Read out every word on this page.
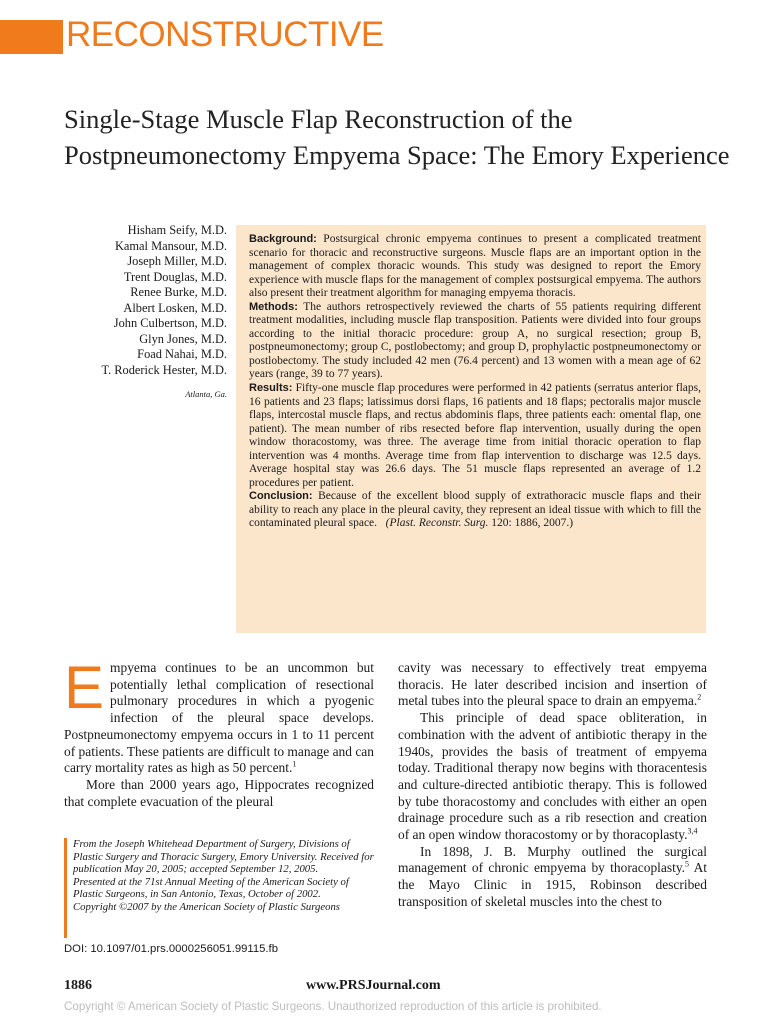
RECONSTRUCTIVE
Single-Stage Muscle Flap Reconstruction of the Postpneumonectomy Empyema Space: The Emory Experience
Hisham Seify, M.D.
Kamal Mansour, M.D.
Joseph Miller, M.D.
Trent Douglas, M.D.
Renee Burke, M.D.
Albert Losken, M.D.
John Culbertson, M.D.
Glyn Jones, M.D.
Foad Nahai, M.D.
T. Roderick Hester, M.D.
Atlanta, Ga.

Background: Postsurgical chronic empyema continues to present a complicated treatment scenario for thoracic and reconstructive surgeons. Muscle flaps are an important option in the management of complex thoracic wounds. This study was designed to report the Emory experience with muscle flaps for the management of complex postsurgical empyema. The authors also present their treatment algorithm for managing empyema thoracis.

Methods: The authors retrospectively reviewed the charts of 55 patients requiring different treatment modalities, including muscle flap transposition. Patients were divided into four groups according to the initial thoracic procedure: group A, no surgical resection; group B, postpneumonectomy; group C, postlobectomy; and group D, prophylactic postpneumonectomy or postlobectomy. The study included 42 men (76.4 percent) and 13 women with a mean age of 62 years (range, 39 to 77 years).

Results: Fifty-one muscle flap procedures were performed in 42 patients (serratus anterior flaps, 16 patients and 23 flaps; latissimus dorsi flaps, 16 patients and 18 flaps; pectoralis major muscle flaps, intercostal muscle flaps, and rectus abdominis flaps, three patients each: omental flap, one patient). The mean number of ribs resected before flap intervention, usually during the open window thoracostomy, was three. The average time from initial thoracic operation to flap intervention was 4 months. Average time from flap intervention to discharge was 12.5 days. Average hospital stay was 26.6 days. The 51 muscle flaps represented an average of 1.2 procedures per patient.

Conclusion: Because of the excellent blood supply of extrathoracic muscle flaps and their ability to reach any place in the pleural cavity, they represent an ideal tissue with which to fill the contaminated pleural space. (Plast. Reconstr. Surg. 120: 1886, 2007.)

Empyema continues to be an uncommon but potentially lethal complication of resectional pulmonary procedures in which a pyogenic infection of the pleural space develops. Postpneumonectomy empyema occurs in 1 to 11 percent of patients. These patients are difficult to manage and can carry mortality rates as high as 50 percent.$^1$

More than 2000 years ago, Hippocrates recognized that complete evacuation of the pleural

cavity was necessary to effectively treat empyema thoracis. He later described incision and insertion of metal tubes into the pleural space to drain an empyema.$^2$

This principle of dead space obliteration, in combination with the advent of antibiotic therapy in the 1940s, provides the basis of treatment of empyema today. Traditional therapy now begins with thoracentesis and culture-directed antibiotic therapy. This is followed by tube thoracostomy and concludes with either an open drainage procedure such as a rib resection and creation of an open window thoracostomy or by thoracoplasty.$^{3,4}$

In 1898, J. B. Murphy outlined the surgical management of chronic empyema by thoracoplasty.$^5$ At the Mayo Clinic in 1915, Robinson described transposition of skeletal muscles into the chest to

From the Joseph Whitehead Department of Surgery, Divisions of Plastic Surgery and Thoracic Surgery, Emory University. Received for publication May 20, 2005; accepted September 12, 2005.

Presented at the 71st Annual Meeting of the American Society of Plastic Surgeons, in San Antonio, Texas, October of 2002.

Copyright ©2007 by the American Society of Plastic Surgeons

DOI: 10.1097/01.prs.0000256051.99115.fb
1886	www.PRSJournal.com
Copyright © American Society of Plastic Surgeons. Unauthorized reproduction of this article is prohibited.
